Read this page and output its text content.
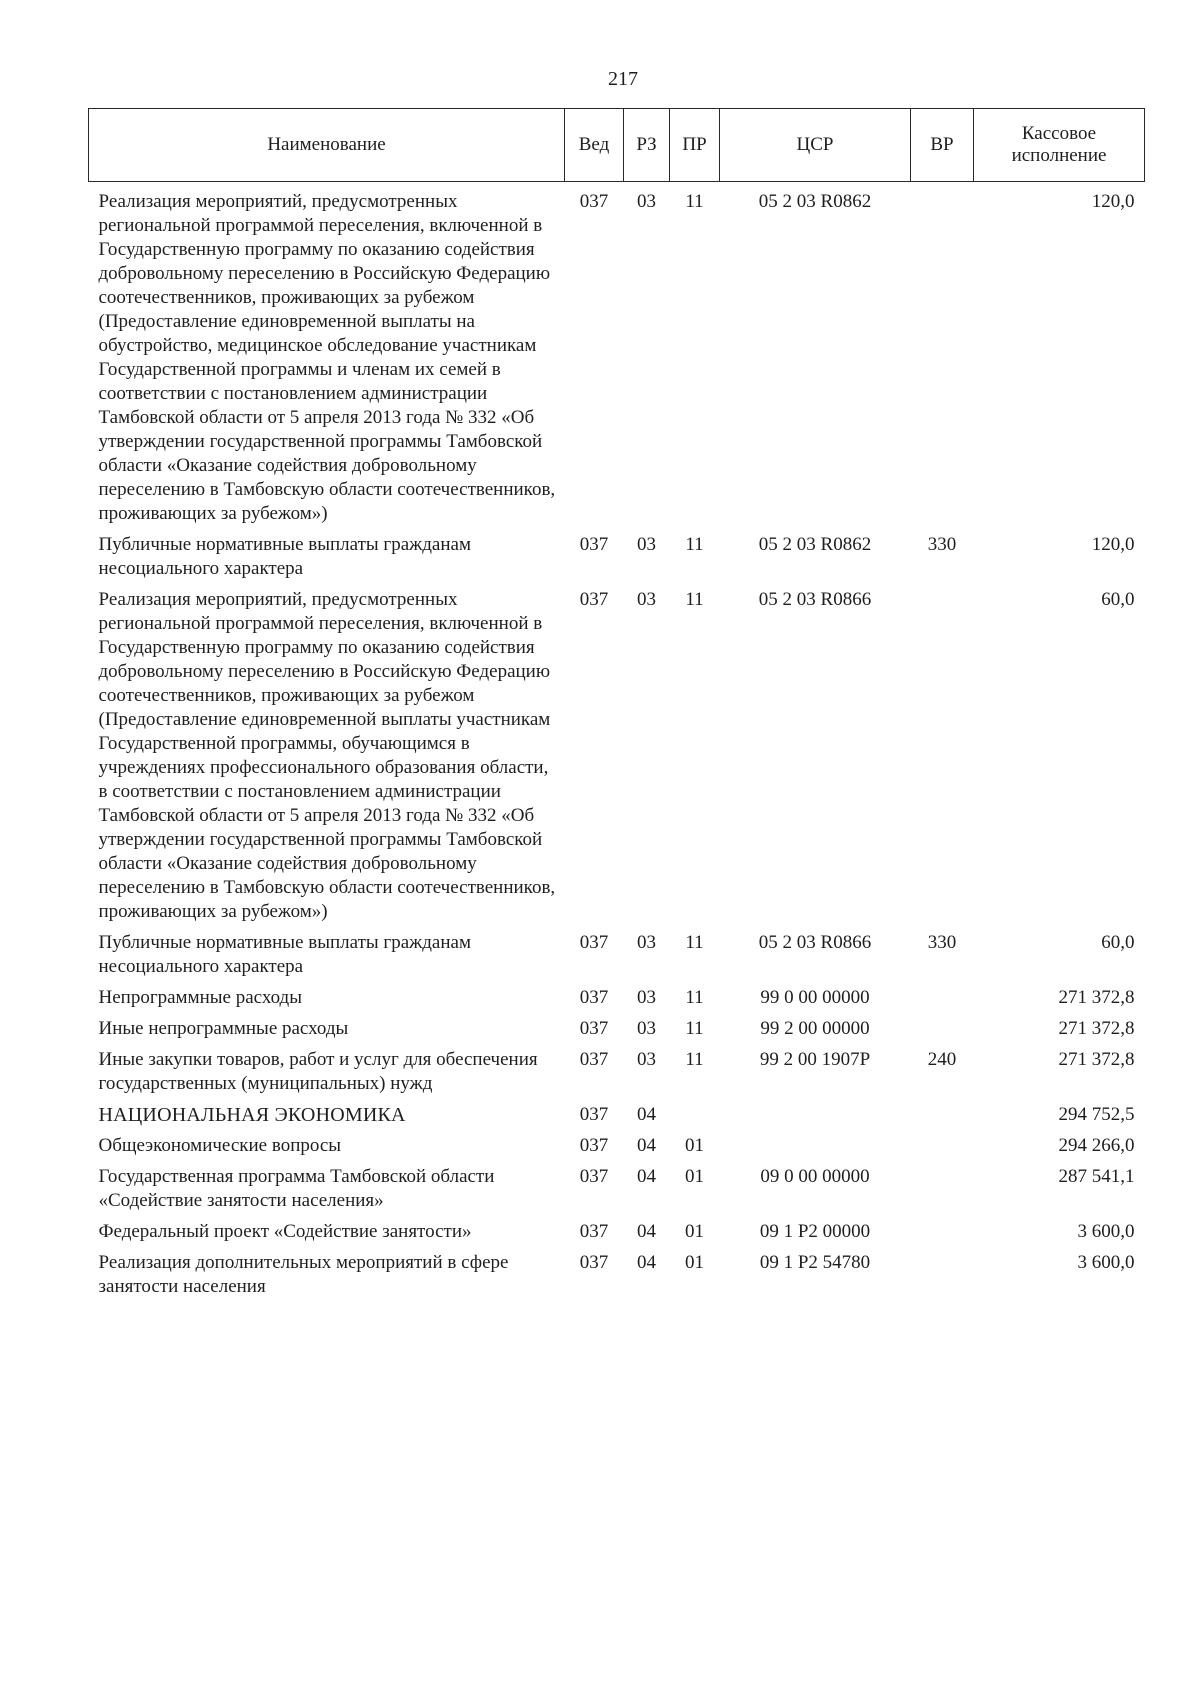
217
Наименование	Вед	РЗ	ПР	ЦСР	ВР	Кассовое исполнение
Реализация мероприятий, предусмотренных региональной программой переселения, включенной в Государственную программу по оказанию содействия добровольному переселению в Российскую Федерацию соотечественников, проживающих за рубежом (Предоставление единовременной выплаты на обустройство, медицинское обследование участникам Государственной программы и членам их семей в соответствии с постановлением администрации Тамбовской области от 5 апреля 2013 года № 332 «Об утверждении государственной программы Тамбовской области «Оказание содействия добровольному переселению в Тамбовскую области соотечественников, проживающих за рубежом»)	037	03	11	05 2 03 R0862		120,0
Публичные нормативные выплаты гражданам несоциального характера	037	03	11	05 2 03 R0862	330	120,0
Реализация мероприятий, предусмотренных региональной программой переселения, включенной в Государственную программу по оказанию содействия добровольному переселению в Российскую Федерацию соотечественников, проживающих за рубежом (Предоставление единовременной выплаты участникам Государственной программы, обучающимся в учреждениях профессионального образования области, в соответствии с постановлением администрации Тамбовской области от 5 апреля 2013 года № 332 «Об утверждении государственной программы Тамбовской области «Оказание содействия добровольному переселению в Тамбовскую области соотечественников, проживающих за рубежом»)	037	03	11	05 2 03 R0866		60,0
Публичные нормативные выплаты гражданам несоциального характера	037	03	11	05 2 03 R0866	330	60,0
Непрограммные расходы	037	03	11	99 0 00 00000		271 372,8
Иные непрограммные расходы	037	03	11	99 2 00 00000		271 372,8
Иные закупки товаров, работ и услуг для обеспечения государственных (муниципальных) нужд	037	03	11	99 2 00 1907Р	240	271 372,8
НАЦИОНАЛЬНАЯ ЭКОНОМИКА	037	04				294 752,5
Общеэкономические вопросы	037	04	01			294 266,0
Государственная программа Тамбовской области «Содействие занятости населения»	037	04	01	09 0 00 00000		287 541,1
Федеральный проект «Содействие занятости»	037	04	01	09 1 P2 00000		3 600,0
Реализация дополнительных мероприятий в сфере занятости населения	037	04	01	09 1 P2 54780		3 600,0
